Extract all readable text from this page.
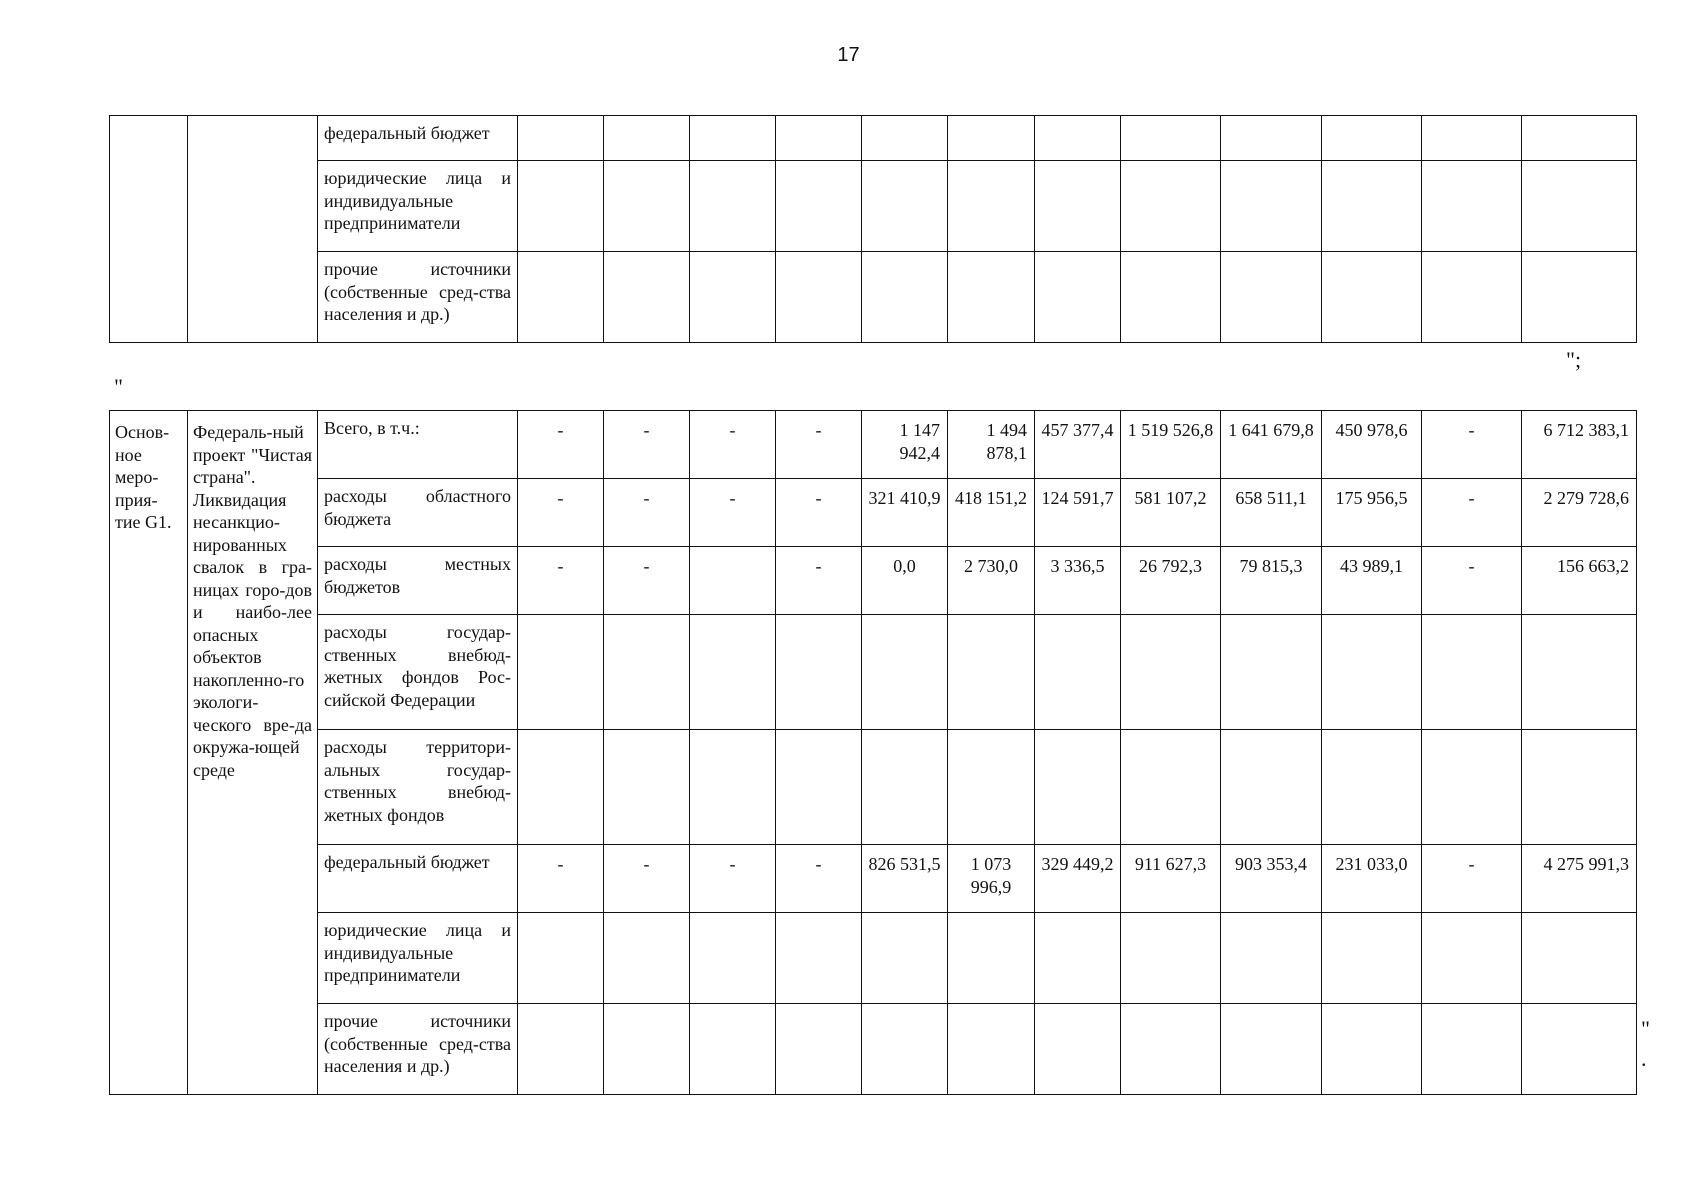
17
		федеральный бюджет												
		юридические лица и индивидуальные предприниматели												
		прочие источники (собственные сред-ства населения и др.)												
";
"
Основ-ное меро-прия-тие G1.	Федераль-ный проект "Чистая страна". Ликвидация несанкцио-нированных свалок в гра-ницах горо-дов и наибо-лее опасных объектов накопленно-го экологи-ческого вре-да окружа-ющей среде	Всего, в т.ч.:	-	-	-	-	1 147 942,4	1 494 878,1	457 377,4	1 519 526,8	1 641 679,8	450 978,6	-	6 712 383,1
		расходы областного бюджета	-	-	-	-	321 410,9	418 151,2	124 591,7	581 107,2	658 511,1	175 956,5	-	2 279 728,6
		расходы местных бюджетов	-	-		-	0,0	2 730,0	3 336,5	26 792,3	79 815,3	43 989,1	-	156 663,2
		расходы государ-ственных внебюд-жетных фондов Рос-сийской Федерации												
		расходы территори-альных государ-ственных внебюд-жетных фондов												
		федеральный бюджет	-	-	-	-	826 531,5	1 073 996,9	329 449,2	911 627,3	903 353,4	231 033,0	-	4 275 991,3
		юридические лица и индивидуальные предприниматели												
		прочие источники (собственные сред-ства населения и др.)												
"
.
